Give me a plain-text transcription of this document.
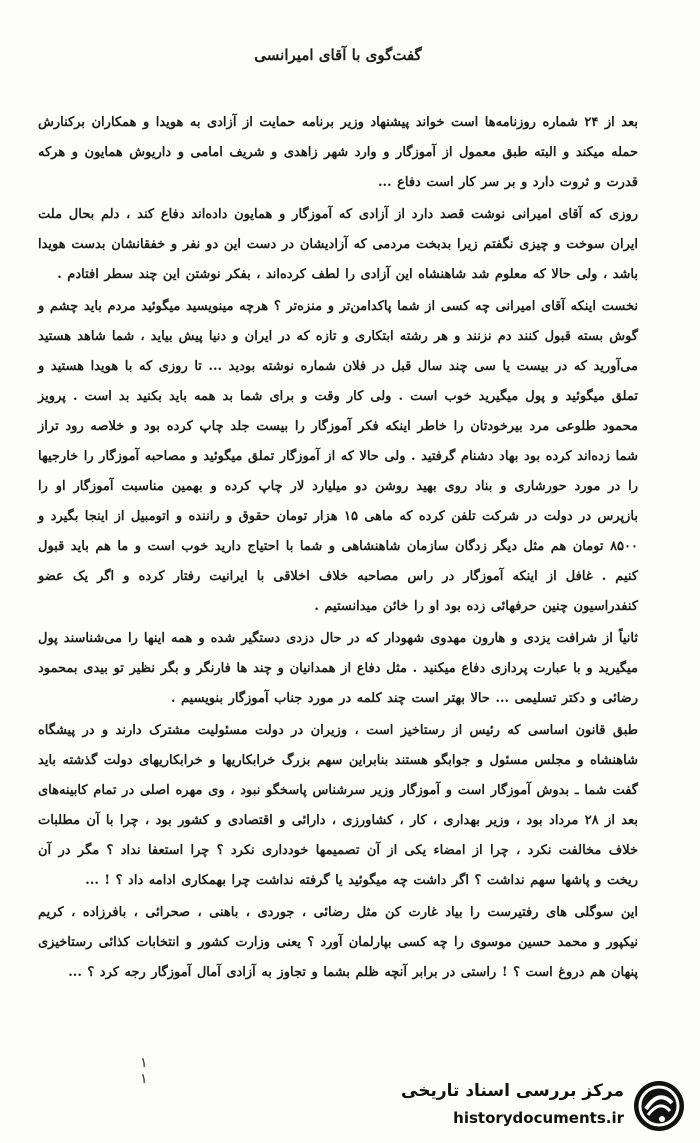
گفت‌گوی با آقای امیرانسی

بعد از ۲۴ شماره روزنامه‌ها است خواند پیشنهاد وزیر برنامه حمایت از آزادی به هویدا و همکاران برکنارش حمله میکند و البته طبق معمول از آموزگار و وارد شهر زاهدی و شریف امامی و داریوش همایون و هرکه قدرت و ثروت دارد و بر سر کار است دفاع ...

روزی که آقای امیرانی نوشت قصد دارد از آزادی که آموزگار و همایون داده‌اند دفاع کند ، دلم بحال ملت ایران سوخت و چیزی نگفتم زیرا بدبخت مردمی که آزادیشان در دست این دو نفر و خفقانشان بدست هویدا باشد ، ولی حالا که معلوم شد شاهنشاه این آزادی را لطف کرده‌اند ، بفکر نوشتن این چند سطر افتادم .

نخست اینکه آقای امیرانی چه کسی از شما پاکدامن‌تر و منزه‌تر ؟ هرچه مینویسید میگوئید مردم باید چشم و گوش بسته قبول کنند دم نزنند و هر رشته ابتکاری و تازه که در ایران و دنیا پیش بیاید ، شما شاهد هستید می‌آورید که در بیست یا سی چند سال قبل در فلان شماره نوشته بودید ... تا روزی که با هویدا هستید و تملق میگوئید و پول میگیرید خوب است . ولی کار وقت و برای شما بد همه باید بکنید بد است . پرویز محمود طلوعی مرد بیرخودتان را خاطر اینکه فکر آموزگار را بیست جلد چاپ کرده بود و خلاصه رود تراز شما زده‌اند کرده بود بهاد دشنام گرفتید . ولی حالا که از آموزگار تملق میگوئید و مصاحبه آموزگار را خارجیها را در مورد حورشاری و بناد روی بهید روشن دو میلیارد لار چاپ کرده و بهمین مناسبت آموزگار او را بازپرس در دولت در شرکت تلفن کرده که ماهی ۱۵ هزار تومان حقوق و راننده و اتومبیل از اینجا بگیرد و ۸۵۰۰ تومان هم مثل دیگر زدگان سازمان شاهنشاهی و شما با احتیاج دارید خوب است و ما هم باید قبول کنیم . غافل از اینکه آموزگار در راس مصاحبه خلاف اخلاقی با ایرانیت رفتار کرده و اگر یک عضو کنفدراسیون چنین حرفهائی زده بود او را خائن میدانستیم .

ثانیاً از شرافت یزدی و هارون مهدوی شهودار که در حال دزدی دستگیر شده و همه اینها را می‌شناسند پول میگیرید و با عبارت پردازی دفاع میکنید . مثل دفاع از همدانیان و چند ها فارنگر و بگر نظیر تو بیدی بمحمود رضائی و دکتر تسلیمی ... حالا بهتر است چند کلمه در مورد جناب آموزگار بنویسیم .

طبق قانون اساسی که رئیس از رستاخیز است ، وزیران در دولت مسئولیت مشترک دارند و در پیشگاه شاهنشاه و مجلس مسئول و جوابگو هستند بنابراین سهم بزرگ خرابکاریها و خرابکاریهای دولت گذشته باید گفت شما ـ بدوش آموزگار است و آموزگار وزیر سرشناس پاسخگو نبود ، وی مهره اصلی در تمام کابینه‌های بعد از ۲۸ مرداد بود ، وزیر بهداری ، کار ، کشاورزی ، دارائی و اقتصادی و کشور بود ، چرا با آن مطلبات خلاف مخالفت نکرد ، چرا از امضاء یکی از آن تصمیمها خودداری نکرد ؟ چرا استعفا نداد ؟ مگر در آن ریخت و پاشها سهم نداشت ؟ اگر داشت چه میگوئید یا گرفته نداشت چرا بهمکاری ادامه داد ؟ ! ...

این سوگلی های رفتیرست را بیاد غارت کن مثل رضائی ، جوردی ، باهنی ، صحرائی ، بافرزاده ، کریم نیکپور و محمد حسین موسوی را چه کسی بپارلمان آورد ؟ یعنی وزارت کشور و انتخابات کذائی رستاخیزی پنهان هم دروغ است ؟ ! راستی در برابر آنچه ظلم بشما و تجاوز به آزادی آمال آموزگار رجه کرد ؟ ...

١
١
مرکز بررسی اسناد تاریخی
historydocuments.ir
